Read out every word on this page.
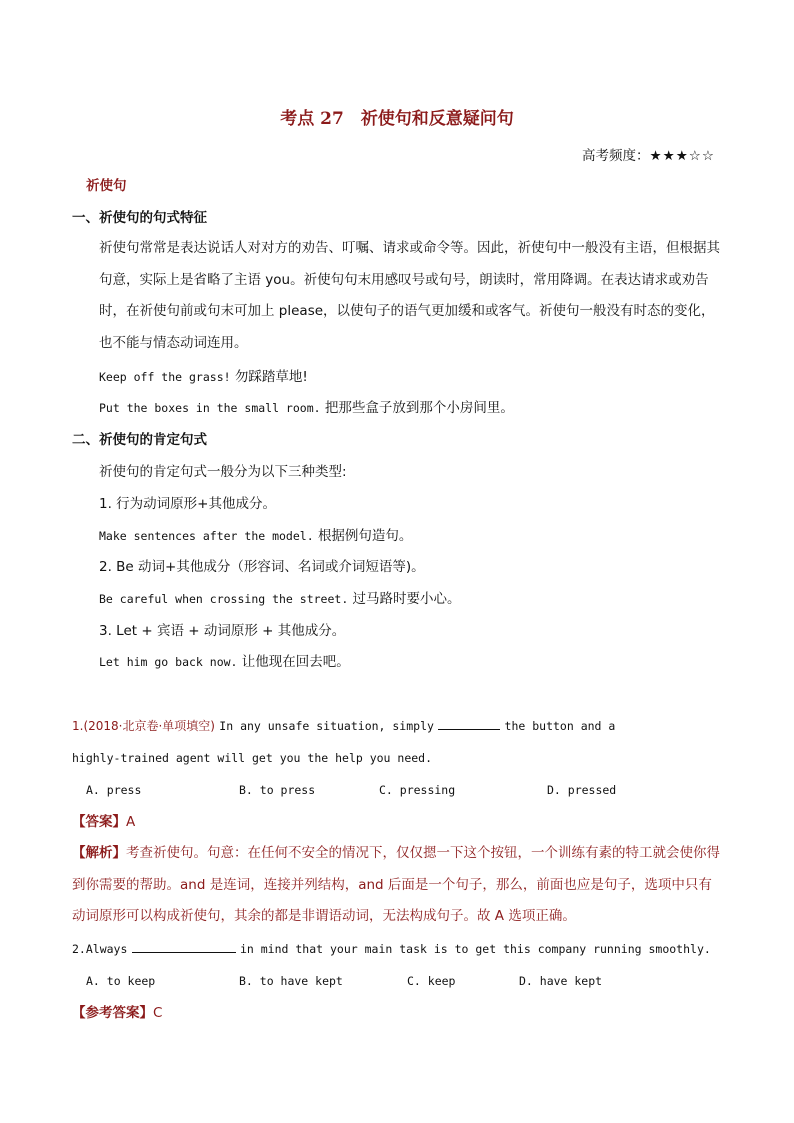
考点 27　祈使句和反意疑问句
高考频度：★★★☆☆
祈使句
一、祈使句的句式特征
祈使句常常是表达说话人对对方的劝告、叮嘱、请求或命令等。因此，祈使句中一般没有主语，但根据其句意，实际上是省略了主语 you。祈使句句末用感叹号或句号，朗读时，常用降调。在表达请求或劝告时，在祈使句前或句末可加上 please，以使句子的语气更加缓和或客气。祈使句一般没有时态的变化，也不能与情态动词连用。
Keep off the grass! 勿踩踏草地!
Put the boxes in the small room. 把那些盒子放到那个小房间里。
二、祈使句的肯定句式
祈使句的肯定句式一般分为以下三种类型:
1. 行为动词原形+其他成分。
Make sentences after the model. 根据例句造句。
2. Be 动词+其他成分（形容词、名词或介词短语等)。
Be careful when crossing the street. 过马路时要小心。
3. Let + 宾语 + 动词原形 + 其他成分。
Let him go back now. 让他现在回去吧。
1.(2018·北京卷·单项填空) In any unsafe situation, simply	the button and a
highly-trained agent will get you the help you need.
A. press	B. to press	C. pressing	D. pressed
【答案】A
【解析】考查祈使句。句意：在任何不安全的情况下，仅仅摁一下这个按钮，一个训练有素的特工就会使你得到你需要的帮助。and 是连词，连接并列结构，and 后面是一个句子，那么，前面也应是句子，选项中只有动词原形可以构成祈使句，其余的都是非谓语动词，无法构成句子。故 A 选项正确。
2.Always	in mind that your main task is to get this company running smoothly.
A. to keep	B. to have kept	C. keep	D. have kept
【参考答案】C
